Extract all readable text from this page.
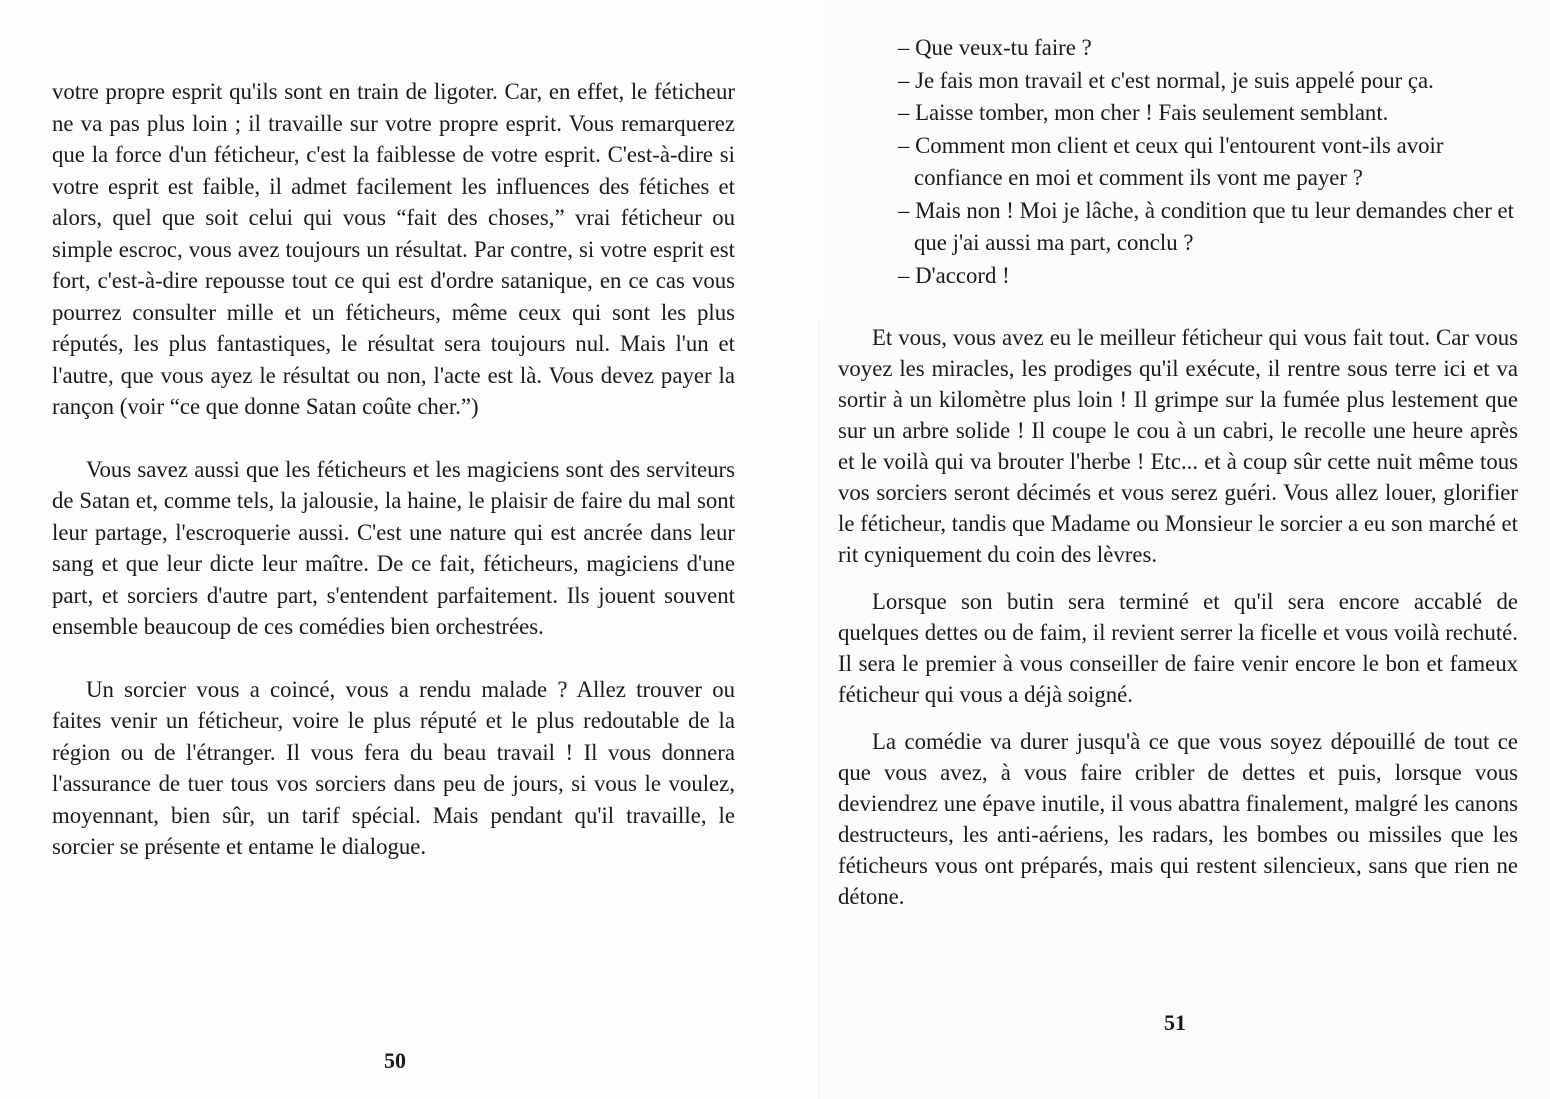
votre propre esprit qu'ils sont en train de ligoter. Car, en effet, le féticheur ne va pas plus loin ; il travaille sur votre propre esprit. Vous remarquerez que la force d'un féticheur, c'est la faiblesse de votre esprit. C'est-à-dire si votre esprit est faible, il admet facilement les influences des fétiches et alors, quel que soit celui qui vous “fait des choses,” vrai féticheur ou simple escroc, vous avez toujours un résultat. Par contre, si votre esprit est fort, c'est-à-dire repousse tout ce qui est d'ordre satanique, en ce cas vous pourrez consulter mille et un féticheurs, même ceux qui sont les plus réputés, les plus fantastiques, le résultat sera toujours nul. Mais l'un et l'autre, que vous ayez le résultat ou non, l'acte est là. Vous devez payer la rançon (voir “ce que donne Satan coûte cher.”)

Vous savez aussi que les féticheurs et les magiciens sont des serviteurs de Satan et, comme tels, la jalousie, la haine, le plaisir de faire du mal sont leur partage, l'escroquerie aussi. C'est une nature qui est ancrée dans leur sang et que leur dicte leur maître. De ce fait, féticheurs, magiciens d'une part, et sorciers d'autre part, s'entendent parfaitement. Ils jouent souvent ensemble beaucoup de ces comédies bien orchestrées.

Un sorcier vous a coincé, vous a rendu malade ? Allez trouver ou faites venir un féticheur, voire le plus réputé et le plus redoutable de la région ou de l'étranger. Il vous fera du beau travail ! Il vous donnera l'assurance de tuer tous vos sorciers dans peu de jours, si vous le voulez, moyennant, bien sûr, un tarif spécial. Mais pendant qu'il travaille, le sorcier se présente et entame le dialogue.

50

– Que veux-tu faire ?

– Je fais mon travail et c'est normal, je suis appelé pour ça.

– Laisse tomber, mon cher ! Fais seulement semblant.

– Comment mon client et ceux qui l'entourent vont-ils avoir confiance en moi et comment ils vont me payer ?

– Mais non ! Moi je lâche, à condition que tu leur demandes cher et que j'ai aussi ma part, conclu ?

– D'accord !

Et vous, vous avez eu le meilleur féticheur qui vous fait tout. Car vous voyez les miracles, les prodiges qu'il exécute, il rentre sous terre ici et va sortir à un kilomètre plus loin ! Il grimpe sur la fumée plus lestement que sur un arbre solide ! Il coupe le cou à un cabri, le recolle une heure après et le voilà qui va brouter l'herbe ! Etc... et à coup sûr cette nuit même tous vos sorciers seront décimés et vous serez guéri. Vous allez louer, glorifier le féticheur, tandis que Madame ou Monsieur le sorcier a eu son marché et rit cyniquement du coin des lèvres.

Lorsque son butin sera terminé et qu'il sera encore accablé de quelques dettes ou de faim, il revient serrer la ficelle et vous voilà rechuté. Il sera le premier à vous conseiller de faire venir encore le bon et fameux féticheur qui vous a déjà soigné.

La comédie va durer jusqu'à ce que vous soyez dépouillé de tout ce que vous avez, à vous faire cribler de dettes et puis, lorsque vous deviendrez une épave inutile, il vous abattra finalement, malgré les canons destructeurs, les anti-aériens, les radars, les bombes ou missiles que les féticheurs vous ont préparés, mais qui restent silencieux, sans que rien ne détone.

51
